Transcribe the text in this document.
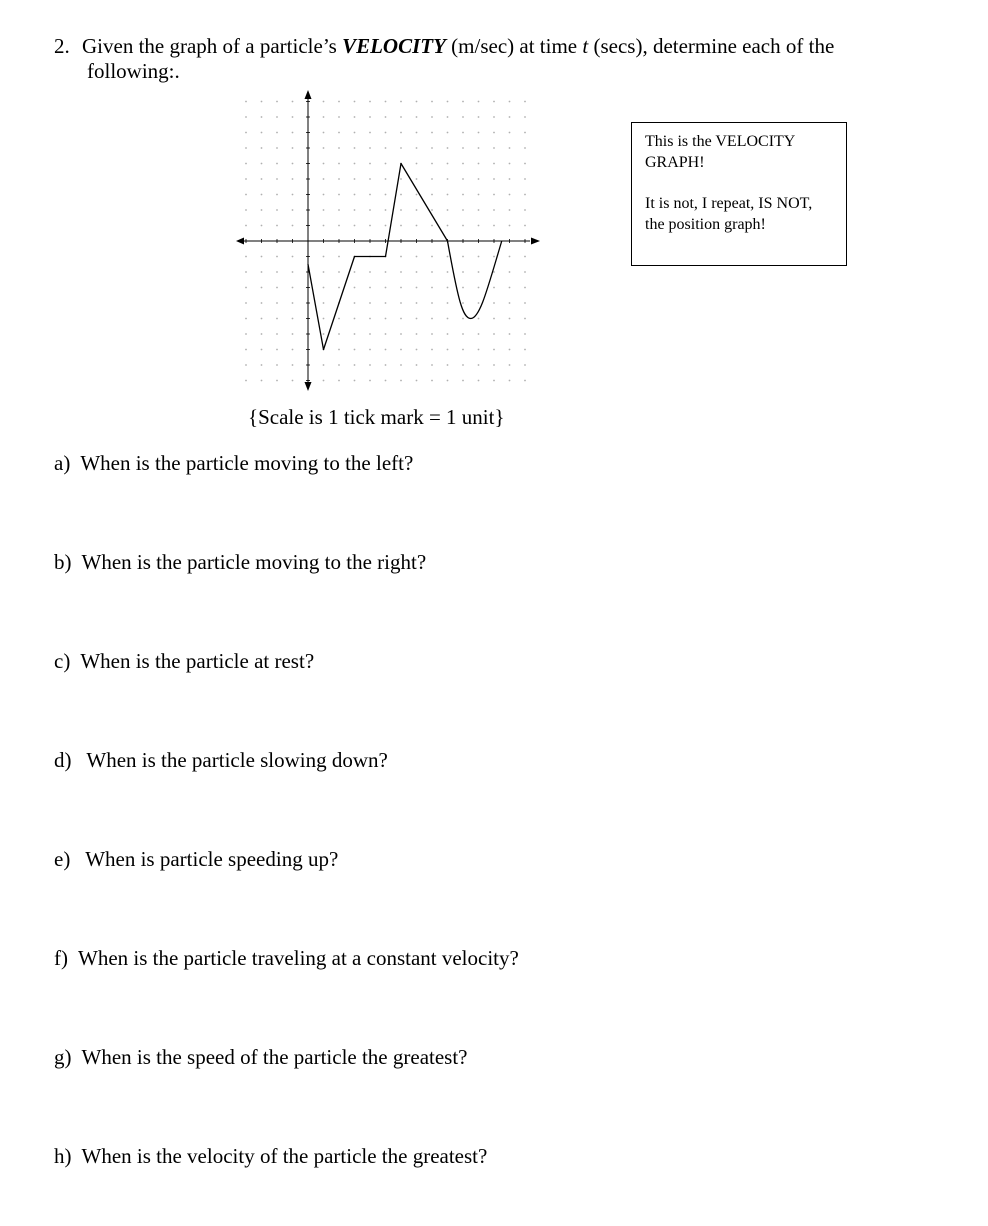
2. Given the graph of a particle’s VELOCITY (m/sec) at time t (secs), determine each of the
following:.

This is the VELOCITY
GRAPH!

It is not, I repeat, IS NOT,
the position graph!

{Scale is 1 tick mark = 1 unit}
a) When is the particle moving to the left?
b) When is the particle moving to the right?
c) When is the particle at rest?
d) When is the particle slowing down?
e) When is particle speeding up?
f) When is the particle traveling at a constant velocity?
g) When is the speed of the particle the greatest?
h) When is the velocity of the particle the greatest?
